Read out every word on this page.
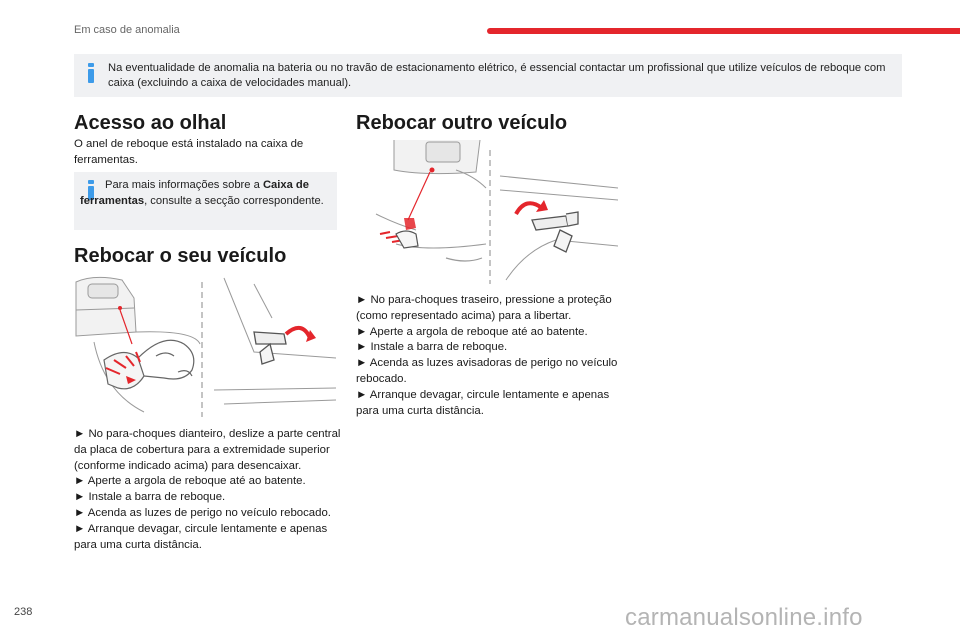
Em caso de anomalia
Na eventualidade de anomalia na bateria ou no travão de estacionamento elétrico, é essencial contactar um profissional que utilize veículos de reboque com caixa (excluindo a caixa de velocidades manual).
Acesso ao olhal
O anel de reboque está instalado na caixa de ferramentas.
Para mais informações sobre a Caixa de ferramentas, consulte a secção correspondente.
Rebocar o seu veículo
► No para-choques dianteiro, deslize a parte central da placa de cobertura para a extremidade superior (conforme indicado acima) para desencaixar.
► Aperte a argola de reboque até ao batente.
► Instale a barra de reboque.
► Acenda as luzes de perigo no veículo rebocado.
► Arranque devagar, circule lentamente e apenas para uma curta distância.
Rebocar outro veículo
► No para-choques traseiro, pressione a proteção (como representado acima) para a libertar.
► Aperte a argola de reboque até ao batente.
► Instale a barra de reboque.
► Acenda as luzes avisadoras de perigo no veículo rebocado.
► Arranque devagar, circule lentamente e apenas para uma curta distância.
238	carmanualsonline.info
